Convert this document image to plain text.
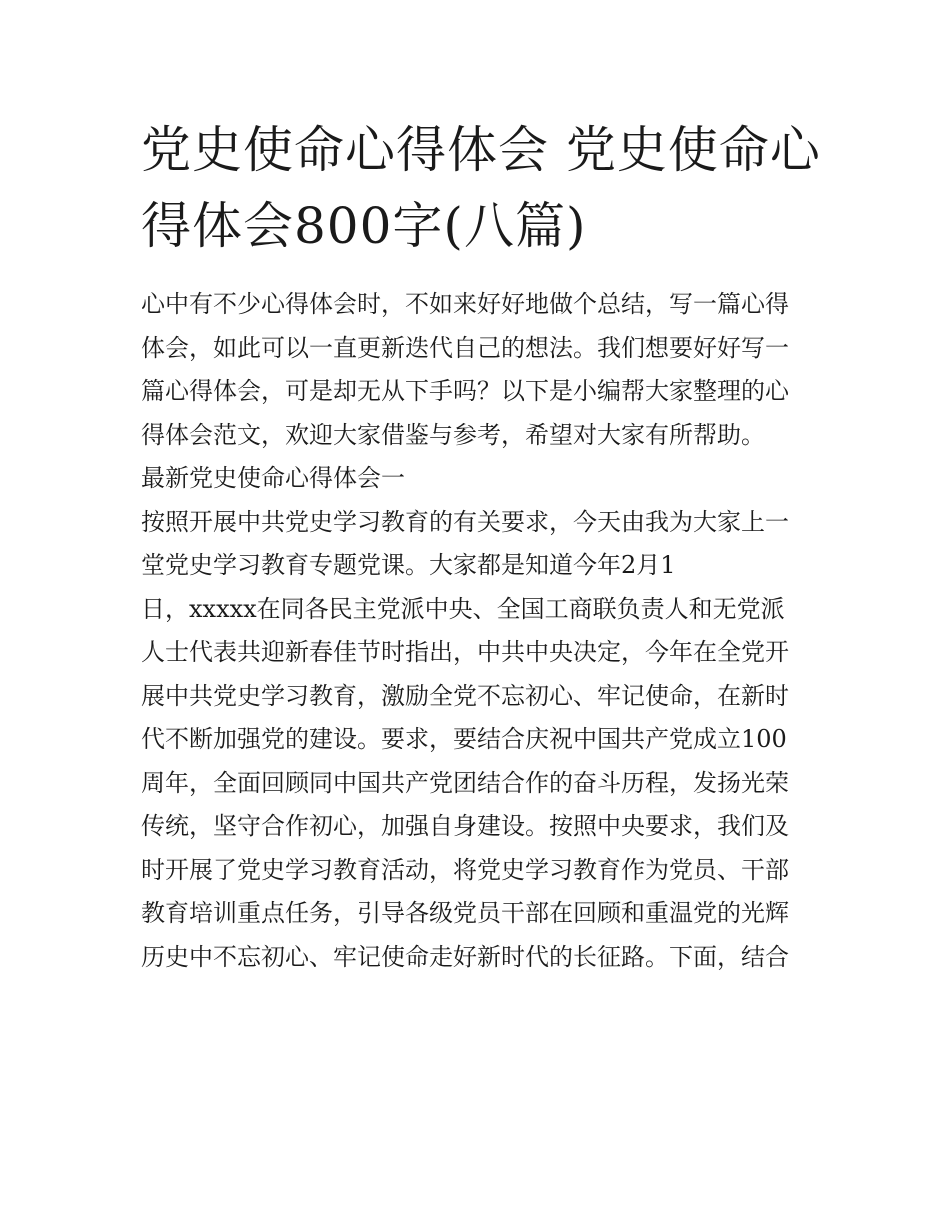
党史使命心得体会 党史使命心
得体会800字(八篇)

心中有不少心得体会时，不如来好好地做个总结，写一篇心得
体会，如此可以一直更新迭代自己的想法。我们想要好好写一
篇心得体会，可是却无从下手吗？以下是小编帮大家整理的心
得体会范文，欢迎大家借鉴与参考，希望对大家有所帮助。

最新党史使命心得体会一

按照开展中共党史学习教育的有关要求，今天由我为大家上一
堂党史学习教育专题党课。大家都是知道今年2月1
日，xxxxx在同各民主党派中央、全国工商联负责人和无党派
人士代表共迎新春佳节时指出，中共中央决定，今年在全党开
展中共党史学习教育，激励全党不忘初心、牢记使命，在新时
代不断加强党的建设。要求，要结合庆祝中国共产党成立100
周年，全面回顾同中国共产党团结合作的奋斗历程，发扬光荣
传统，坚守合作初心，加强自身建设。按照中央要求，我们及
时开展了党史学习教育活动，将党史学习教育作为党员、干部
教育培训重点任务，引导各级党员干部在回顾和重温党的光辉
历史中不忘初心、牢记使命走好新时代的长征路。下面，结合
